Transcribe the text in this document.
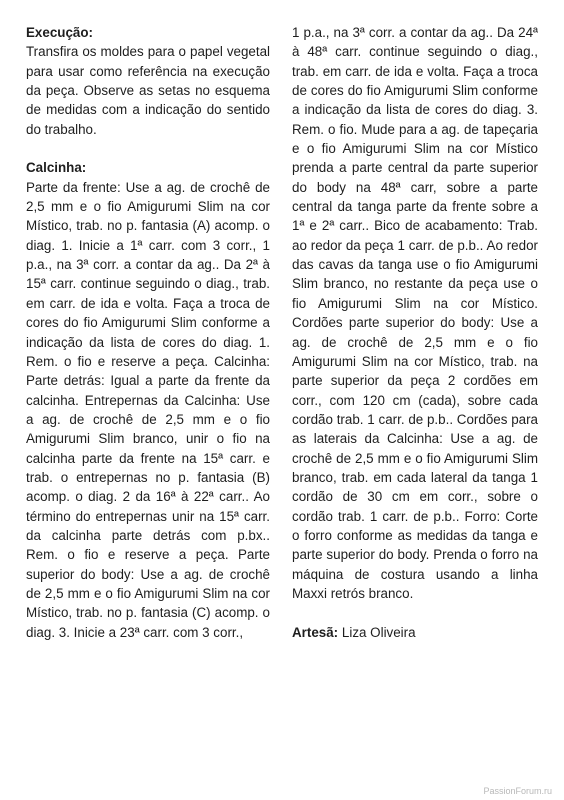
Execução:

Transfira os moldes para o papel vegetal para usar como referência na execução da peça. Observe as setas no esquema de medidas com a indicação do sentido do trabalho.

Calcinha:

Parte da frente: Use a ag. de crochê de 2,5 mm e o fio Amigurumi Slim na cor Místico, trab. no p. fantasia (A) acomp. o diag. 1. Inicie a 1ª carr. com 3 corr., 1 p.a., na 3ª corr. a contar da ag.. Da 2ª à 15ª carr. continue seguindo o diag., trab. em carr. de ida e volta. Faça a troca de cores do fio Amigurumi Slim conforme a indicação da lista de cores do diag. 1. Rem. o fio e reserve a peça. Calcinha: Parte detrás: Igual a parte da frente da calcinha. Entrepernas da Calcinha: Use a ag. de crochê de 2,5 mm e o fio Amigurumi Slim branco, unir o fio na calcinha parte da frente na 15ª carr. e trab. o entrepernas no p. fantasia (B) acomp. o diag. 2 da 16ª à 22ª carr.. Ao término do entrepernas unir na 15ª carr. da calcinha parte detrás com p.bx.. Rem. o fio e reserve a peça. Parte superior do body: Use a ag. de crochê de 2,5 mm e o fio Amigurumi Slim na cor Místico, trab. no p. fantasia (C) acomp. o diag. 3. Inicie a 23ª carr. com 3 corr.,

1 p.a., na 3ª corr. a contar da ag.. Da 24ª à 48ª carr. continue seguindo o diag., trab. em carr. de ida e volta. Faça a troca de cores do fio Amigurumi Slim conforme a indicação da lista de cores do diag. 3. Rem. o fio. Mude para a ag. de tapeçaria e o fio Amigurumi Slim na cor Místico prenda a parte central da parte superior do body na 48ª carr, sobre a parte central da tanga parte da frente sobre a 1ª e 2ª carr.. Bico de acabamento: Trab. ao redor da peça 1 carr. de p.b.. Ao redor das cavas da tanga use o fio Amigurumi Slim branco, no restante da peça use o fio Amigurumi Slim na cor Místico. Cordões parte superior do body: Use a ag. de crochê de 2,5 mm e o fio Amigurumi Slim na cor Místico, trab. na parte superior da peça 2 cordões em corr., com 120 cm (cada), sobre cada cordão trab. 1 carr. de p.b.. Cordões para as laterais da Calcinha: Use a ag. de crochê de 2,5 mm e o fio Amigurumi Slim branco, trab. em cada lateral da tanga 1 cordão de 30 cm em corr., sobre o cordão trab. 1 carr. de p.b.. Forro: Corte o forro conforme as medidas da tanga e parte superior do body. Prenda o forro na máquina de costura usando a linha Maxxi retrós branco.

Artesã: Liza Oliveira

PassionForum.ru
